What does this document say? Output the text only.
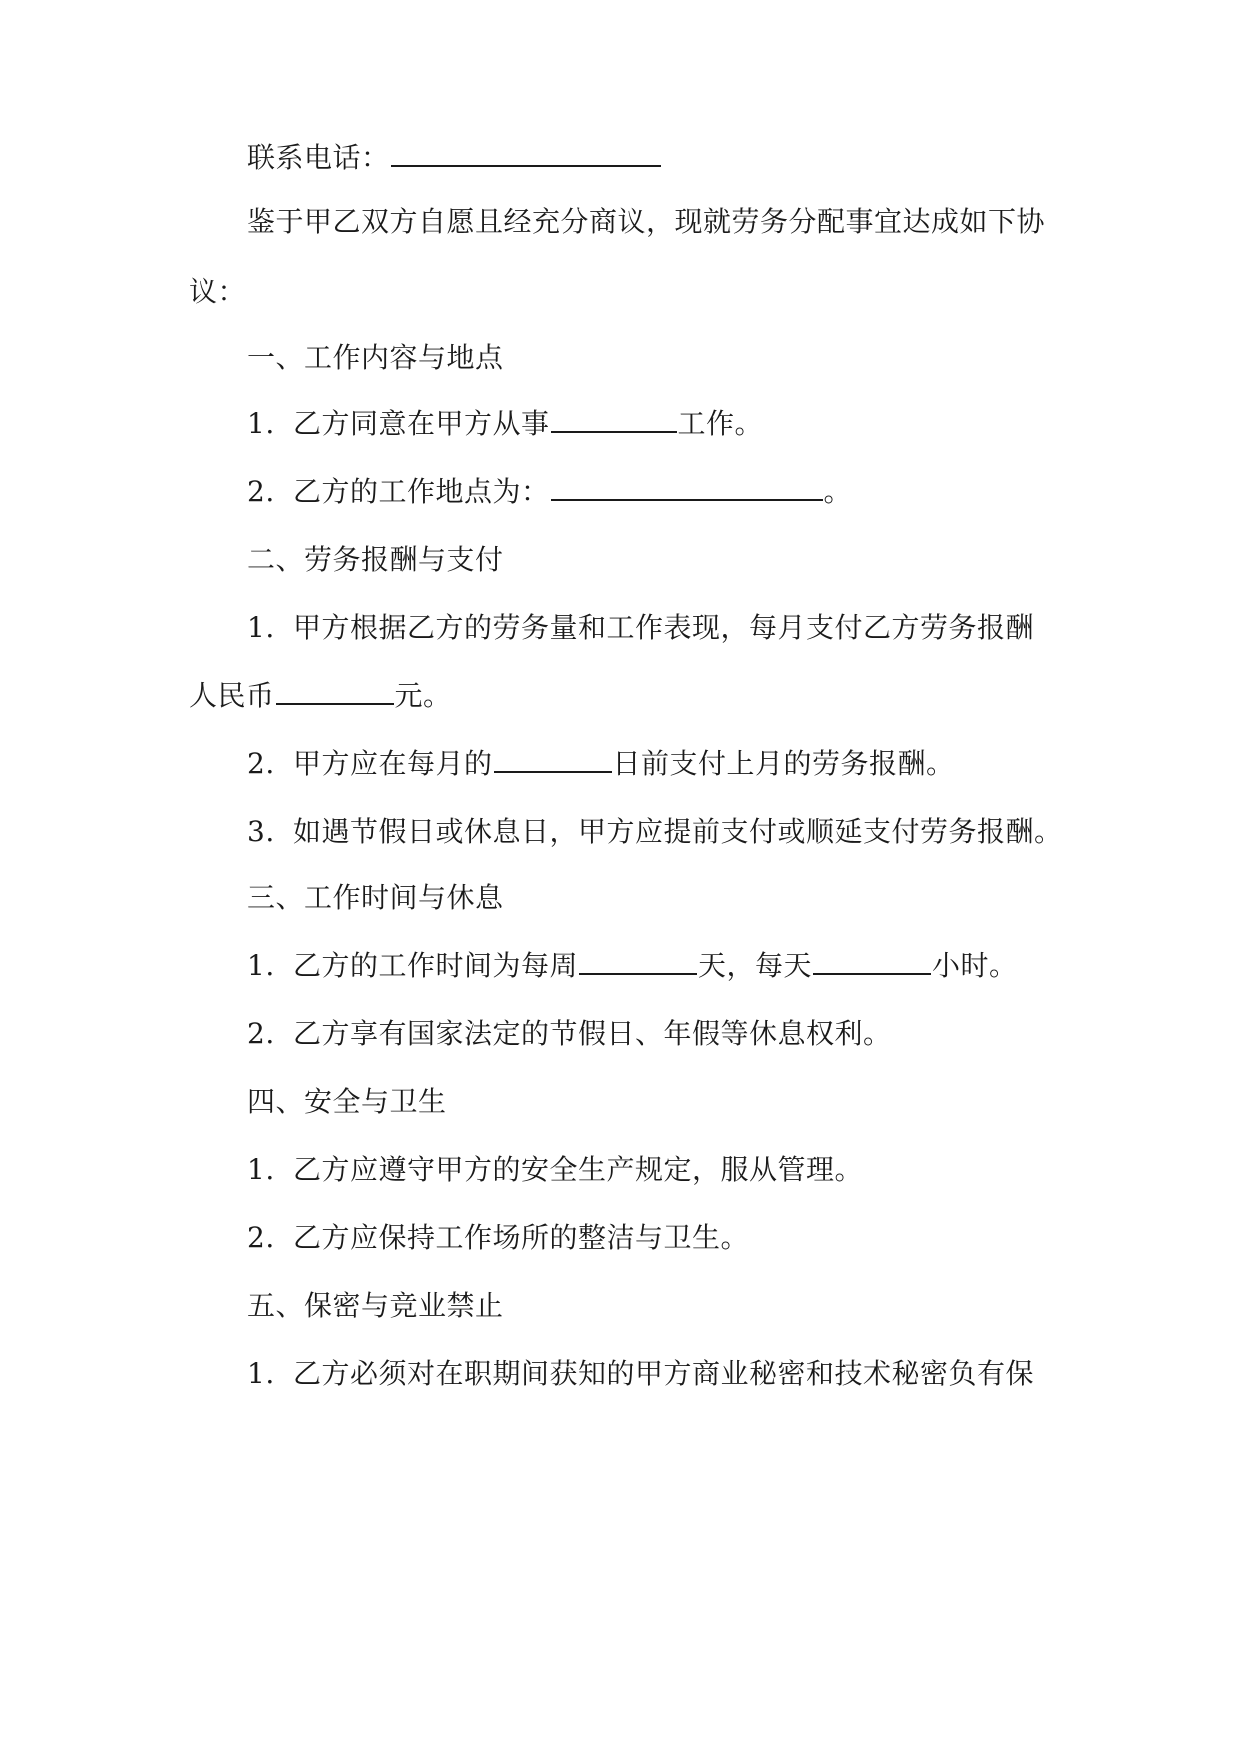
联系电话：
鉴于甲乙双方自愿且经充分商议，现就劳务分配事宜达成如下协
议：
一、工作内容与地点
1. 乙方同意在甲方从事	工作。
2. 乙方的工作地点为：	。
二、劳务报酬与支付
1. 甲方根据乙方的劳务量和工作表现，每月支付乙方劳务报酬
人民币	元。
2. 甲方应在每月的	日前支付上月的劳务报酬。
3. 如遇节假日或休息日，甲方应提前支付或顺延支付劳务报酬。
三、工作时间与休息
1. 乙方的工作时间为每周	天，每天	小时。
2. 乙方享有国家法定的节假日、年假等休息权利。
四、安全与卫生
1. 乙方应遵守甲方的安全生产规定，服从管理。
2. 乙方应保持工作场所的整洁与卫生。
五、保密与竞业禁止
1. 乙方必须对在职期间获知的甲方商业秘密和技术秘密负有保
